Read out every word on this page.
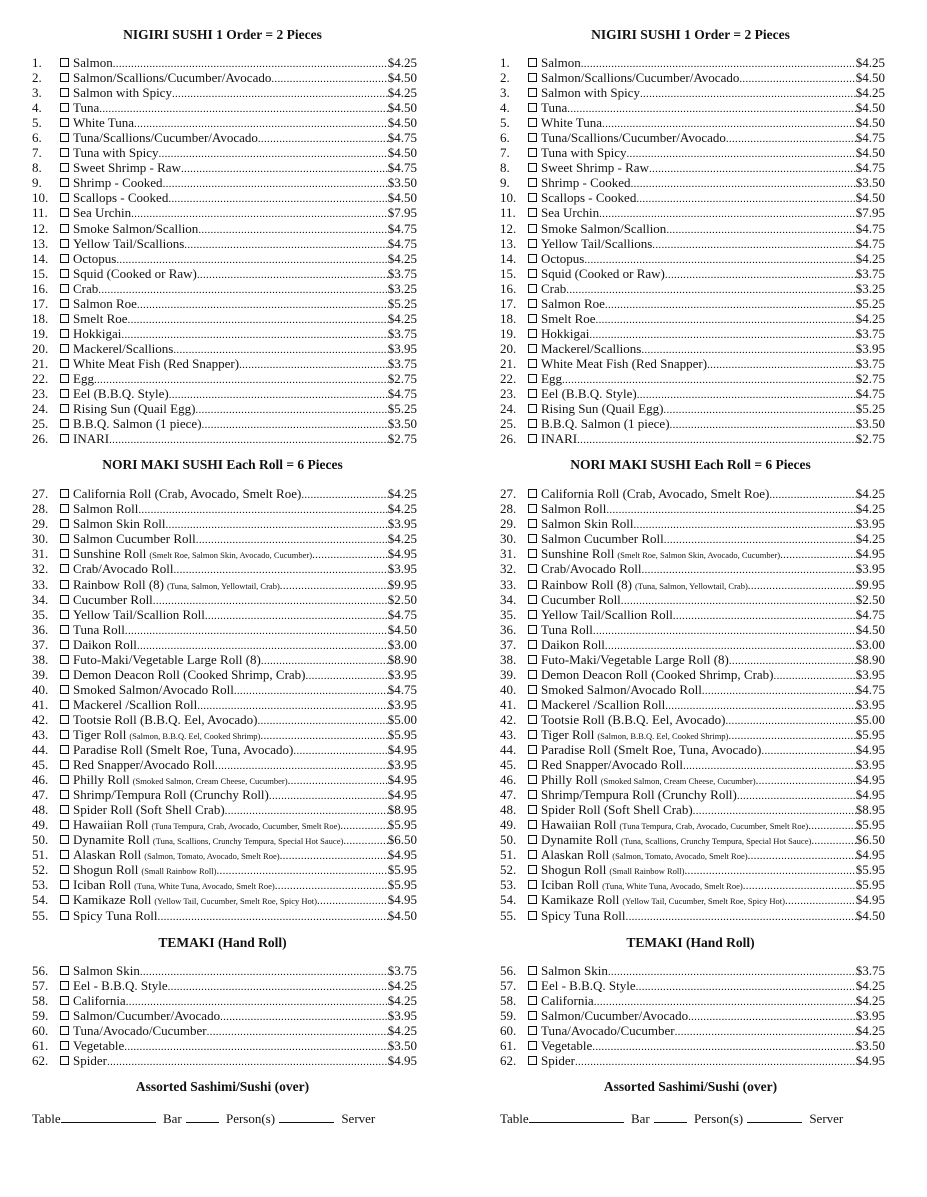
NIGIRI SUSHI 1 Order = 2 Pieces
1.	Salmon .....	$4.25
2.	Salmon/Scallions/Cucumber/Avocado .....	$4.50
3.	Salmon with Spicy .....	$4.25
4.	Tuna .....	$4.50
5.	White Tuna .....	$4.50
6.	Tuna/Scallions/Cucumber/Avocado .....	$4.75
7.	Tuna with Spicy .....	$4.50
8.	Sweet Shrimp - Raw .....	$4.75
9.	Shrimp - Cooked .....	$3.50
10.	Scallops - Cooked .....	$4.50
11.	Sea Urchin .....	$7.95
12.	Smoke Salmon/Scallion .....	$4.75
13.	Yellow Tail/Scallions .....	$4.75
14.	Octopus .....	$4.25
15.	Squid (Cooked or Raw) .....	$3.75
16.	Crab .....	$3.25
17.	Salmon Roe .....	$5.25
18.	Smelt Roe .....	$4.25
19.	Hokkigai .....	$3.75
20.	Mackerel/Scallions .....	$3.95
21.	White Meat Fish (Red Snapper) .....	$3.75
22.	Egg .....	$2.75
23.	Eel (B.B.Q. Style) .....	$4.75
24.	Rising Sun (Quail Egg) .....	$5.25
25.	B.B.Q. Salmon (1 piece) .....	$3.50
26.	INARI .....	$2.75
NORI MAKI SUSHI Each Roll = 6 Pieces
27.	California Roll (Crab, Avocado, Smelt Roe) .....	$4.25
28.	Salmon Roll .....	$4.25
29.	Salmon Skin Roll .....	$3.95
30.	Salmon Cucumber Roll .....	$4.25
31.	Sunshine Roll (Smelt Roe, Salmon Skin, Avocado, Cucumber) .....	$4.95
32.	Crab/Avocado Roll .....	$3.95
33.	Rainbow Roll (8) (Tuna, Salmon, Yellowtail, Crab) .....	$9.95
34.	Cucumber Roll .....	$2.50
35.	Yellow Tail/Scallion Roll .....	$4.75
36.	Tuna Roll .....	$4.50
37.	Daikon Roll .....	$3.00
38.	Futo-Maki/Vegetable Large Roll (8) .....	$8.90
39.	Demon Deacon Roll (Cooked Shrimp, Crab) .....	$3.95
40.	Smoked Salmon/Avocado Roll .....	$4.75
41.	Mackerel /Scallion Roll .....	$3.95
42.	Tootsie Roll (B.B.Q. Eel, Avocado) .....	$5.00
43.	Tiger Roll (Salmon, B.B.Q. Eel, Cooked Shrimp) .....	$5.95
44.	Paradise Roll (Smelt Roe, Tuna, Avocado) .....	$4.95
45.	Red Snapper/Avocado Roll .....	$3.95
46.	Philly Roll (Smoked Salmon, Cream Cheese, Cucumber) .....	$4.95
47.	Shrimp/Tempura Roll (Crunchy Roll) .....	$4.95
48.	Spider Roll (Soft Shell Crab) .....	$8.95
49.	Hawaiian Roll (Tuna Tempura, Crab, Avocado, Cucumber, Smelt Roe) .....	$5.95
50.	Dynamite Roll (Tuna, Scallions, Crunchy Tempura, Special Hot Sauce) .....	$6.50
51.	Alaskan Roll (Salmon, Tomato, Avocado, Smelt Roe) .....	$4.95
52.	Shogun Roll (Small Rainbow Roll) .....	$5.95
53.	Iciban Roll (Tuna, White Tuna, Avocado, Smelt Roe) .....	$5.95
54.	Kamikaze Roll (Yellow Tail, Cucumber, Smelt Roe, Spicy Hot) .....	$4.95
55.	Spicy Tuna Roll .....	$4.50
TEMAKI (Hand Roll)
56.	Salmon Skin .....	$3.75
57.	Eel - B.B.Q. Style .....	$4.25
58.	California .....	$4.25
59.	Salmon/Cucumber/Avocado .....	$3.95
60.	Tuna/Avocado/Cucumber .....	$4.25
61.	Vegetable .....	$3.50
62.	Spider .....	$4.95
Assorted Sashimi/Sushi (over)
Table	Bar	Person(s)	Server
NIGIRI SUSHI 1 Order = 2 Pieces
1.	Salmon .....	$4.25
2.	Salmon/Scallions/Cucumber/Avocado .....	$4.50
3.	Salmon with Spicy .....	$4.25
4.	Tuna .....	$4.50
5.	White Tuna .....	$4.50
6.	Tuna/Scallions/Cucumber/Avocado .....	$4.75
7.	Tuna with Spicy .....	$4.50
8.	Sweet Shrimp - Raw .....	$4.75
9.	Shrimp - Cooked .....	$3.50
10.	Scallops - Cooked .....	$4.50
11.	Sea Urchin .....	$7.95
12.	Smoke Salmon/Scallion .....	$4.75
13.	Yellow Tail/Scallions .....	$4.75
14.	Octopus .....	$4.25
15.	Squid (Cooked or Raw) .....	$3.75
16.	Crab .....	$3.25
17.	Salmon Roe .....	$5.25
18.	Smelt Roe .....	$4.25
19.	Hokkigai .....	$3.75
20.	Mackerel/Scallions .....	$3.95
21.	White Meat Fish (Red Snapper) .....	$3.75
22.	Egg .....	$2.75
23.	Eel (B.B.Q. Style) .....	$4.75
24.	Rising Sun (Quail Egg) .....	$5.25
25.	B.B.Q. Salmon (1 piece) .....	$3.50
26.	INARI .....	$2.75
NORI MAKI SUSHI Each Roll = 6 Pieces
27.	California Roll (Crab, Avocado, Smelt Roe) .....	$4.25
28.	Salmon Roll .....	$4.25
29.	Salmon Skin Roll .....	$3.95
30.	Salmon Cucumber Roll .....	$4.25
31.	Sunshine Roll (Smelt Roe, Salmon Skin, Avocado, Cucumber) .....	$4.95
32.	Crab/Avocado Roll .....	$3.95
33.	Rainbow Roll (8) (Tuna, Salmon, Yellowtail, Crab) .....	$9.95
34.	Cucumber Roll .....	$2.50
35.	Yellow Tail/Scallion Roll .....	$4.75
36.	Tuna Roll .....	$4.50
37.	Daikon Roll .....	$3.00
38.	Futo-Maki/Vegetable Large Roll (8) .....	$8.90
39.	Demon Deacon Roll (Cooked Shrimp, Crab) .....	$3.95
40.	Smoked Salmon/Avocado Roll .....	$4.75
41.	Mackerel /Scallion Roll .....	$3.95
42.	Tootsie Roll (B.B.Q. Eel, Avocado) .....	$5.00
43.	Tiger Roll (Salmon, B.B.Q. Eel, Cooked Shrimp) .....	$5.95
44.	Paradise Roll (Smelt Roe, Tuna, Avocado) .....	$4.95
45.	Red Snapper/Avocado Roll .....	$3.95
46.	Philly Roll (Smoked Salmon, Cream Cheese, Cucumber) .....	$4.95
47.	Shrimp/Tempura Roll (Crunchy Roll) .....	$4.95
48.	Spider Roll (Soft Shell Crab) .....	$8.95
49.	Hawaiian Roll (Tuna Tempura, Crab, Avocado, Cucumber, Smelt Roe) .....	$5.95
50.	Dynamite Roll (Tuna, Scallions, Crunchy Tempura, Special Hot Sauce) .....	$6.50
51.	Alaskan Roll (Salmon, Tomato, Avocado, Smelt Roe) .....	$4.95
52.	Shogun Roll (Small Rainbow Roll) .....	$5.95
53.	Iciban Roll (Tuna, White Tuna, Avocado, Smelt Roe) .....	$5.95
54.	Kamikaze Roll (Yellow Tail, Cucumber, Smelt Roe, Spicy Hot) .....	$4.95
55.	Spicy Tuna Roll .....	$4.50
TEMAKI (Hand Roll)
56.	Salmon Skin .....	$3.75
57.	Eel - B.B.Q. Style .....	$4.25
58.	California .....	$4.25
59.	Salmon/Cucumber/Avocado .....	$3.95
60.	Tuna/Avocado/Cucumber .....	$4.25
61.	Vegetable .....	$3.50
62.	Spider .....	$4.95
Assorted Sashimi/Sushi (over)
Table	Bar	Person(s)	Server
